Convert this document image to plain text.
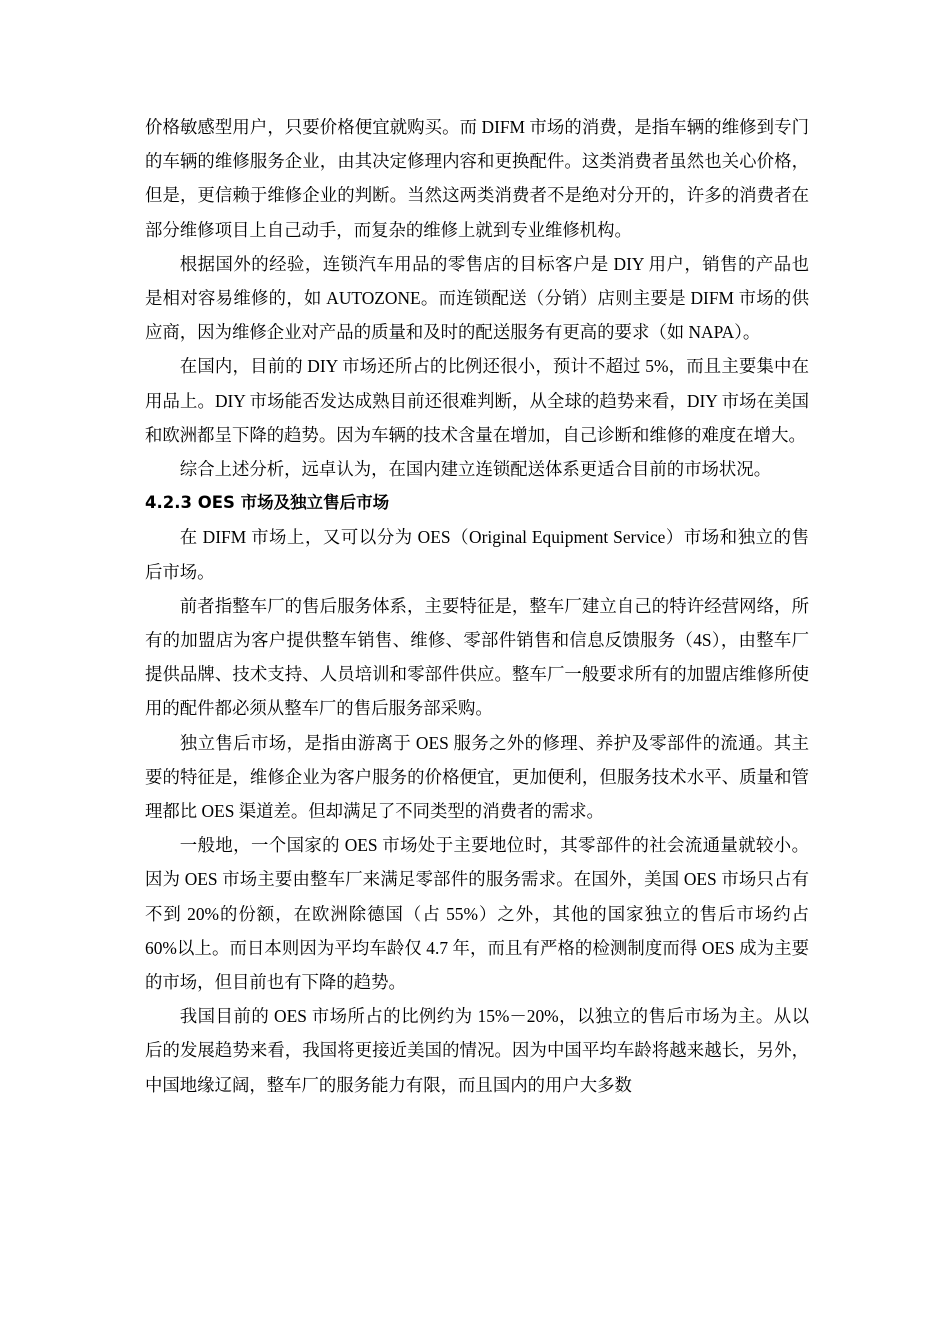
价格敏感型用户，只要价格便宜就购买。而 DIFM 市场的消费，是指车辆的维修到专门的车辆的维修服务企业，由其决定修理内容和更换配件。这类消费者虽然也关心价格，但是，更信赖于维修企业的判断。当然这两类消费者不是绝对分开的，许多的消费者在部分维修项目上自己动手，而复杂的维修上就到专业维修机构。

根据国外的经验，连锁汽车用品的零售店的目标客户是 DIY 用户，销售的产品也是相对容易维修的，如 AUTOZONE。而连锁配送（分销）店则主要是 DIFM 市场的供应商，因为维修企业对产品的质量和及时的配送服务有更高的要求（如 NAPA）。

在国内，目前的 DIY 市场还所占的比例还很小，预计不超过 5%，而且主要集中在用品上。DIY 市场能否发达成熟目前还很难判断，从全球的趋势来看，DIY 市场在美国和欧洲都呈下降的趋势。因为车辆的技术含量在增加，自己诊断和维修的难度在增大。

综合上述分析，远卓认为，在国内建立连锁配送体系更适合目前的市场状况。

4.2.3 OES 市场及独立售后市场

在 DIFM 市场上，又可以分为 OES（Original Equipment Service）市场和独立的售后市场。

前者指整车厂的售后服务体系，主要特征是，整车厂建立自己的特许经营网络，所有的加盟店为客户提供整车销售、维修、零部件销售和信息反馈服务（4S），由整车厂提供品牌、技术支持、人员培训和零部件供应。整车厂一般要求所有的加盟店维修所使用的配件都必须从整车厂的售后服务部采购。

独立售后市场，是指由游离于 OES 服务之外的修理、养护及零部件的流通。其主要的特征是，维修企业为客户服务的价格便宜，更加便利，但服务技术水平、质量和管理都比 OES 渠道差。但却满足了不同类型的消费者的需求。

一般地，一个国家的 OES 市场处于主要地位时，其零部件的社会流通量就较小。因为 OES 市场主要由整车厂来满足零部件的服务需求。在国外，美国 OES 市场只占有不到 20%的份额，在欧洲除德国（占 55%）之外，其他的国家独立的售后市场约占 60%以上。而日本则因为平均车龄仅 4.7 年，而且有严格的检测制度而得 OES 成为主要的市场，但目前也有下降的趋势。

我国目前的 OES 市场所占的比例约为 15%－20%，以独立的售后市场为主。从以后的发展趋势来看，我国将更接近美国的情况。因为中国平均车龄将越来越长，另外，中国地缘辽阔，整车厂的服务能力有限，而且国内的用户大多数
